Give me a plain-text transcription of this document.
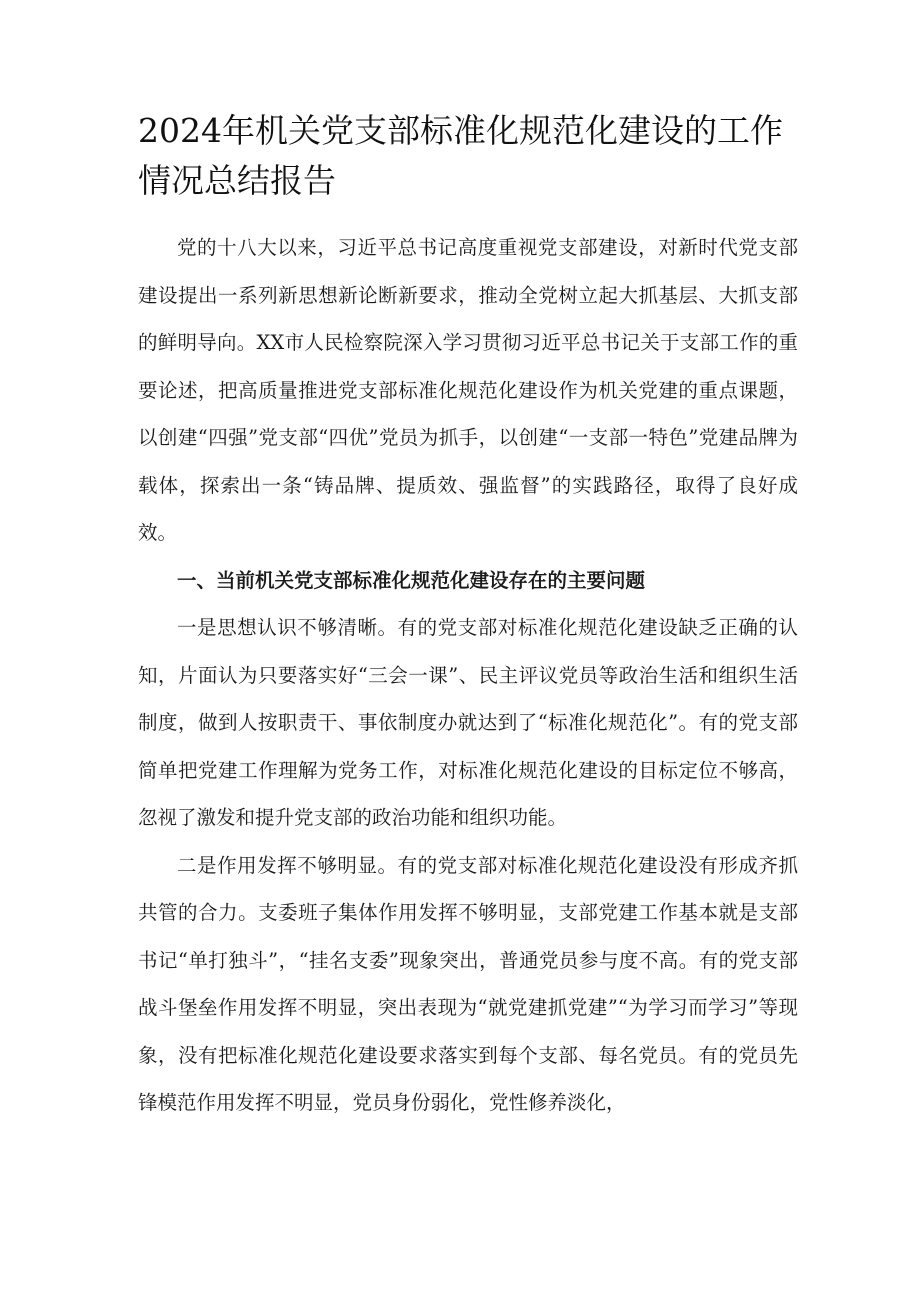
2024年机关党支部标准化规范化建设的工作情况总结报告

党的十八大以来，习近平总书记高度重视党支部建设，对新时代党支部建设提出一系列新思想新论断新要求，推动全党树立起大抓基层、大抓支部的鲜明导向。XX市人民检察院深入学习贯彻习近平总书记关于支部工作的重要论述，把高质量推进党支部标准化规范化建设作为机关党建的重点课题，以创建“四强”党支部“四优”党员为抓手，以创建“一支部一特色”党建品牌为载体，探索出一条“铸品牌、提质效、强监督”的实践路径，取得了良好成效。

一、当前机关党支部标准化规范化建设存在的主要问题

一是思想认识不够清晰。有的党支部对标准化规范化建设缺乏正确的认知，片面认为只要落实好“三会一课”、民主评议党员等政治生活和组织生活制度，做到人按职责干、事依制度办就达到了“标准化规范化”。有的党支部简单把党建工作理解为党务工作，对标准化规范化建设的目标定位不够高，忽视了激发和提升党支部的政治功能和组织功能。

二是作用发挥不够明显。有的党支部对标准化规范化建设没有形成齐抓共管的合力。支委班子集体作用发挥不够明显，支部党建工作基本就是支部书记“单打独斗”，“挂名支委”现象突出，普通党员参与度不高。有的党支部战斗堡垒作用发挥不明显，突出表现为“就党建抓党建”“为学习而学习”等现象，没有把标准化规范化建设要求落实到每个支部、每名党员。有的党员先锋模范作用发挥不明显，党员身份弱化，党性修养淡化，
